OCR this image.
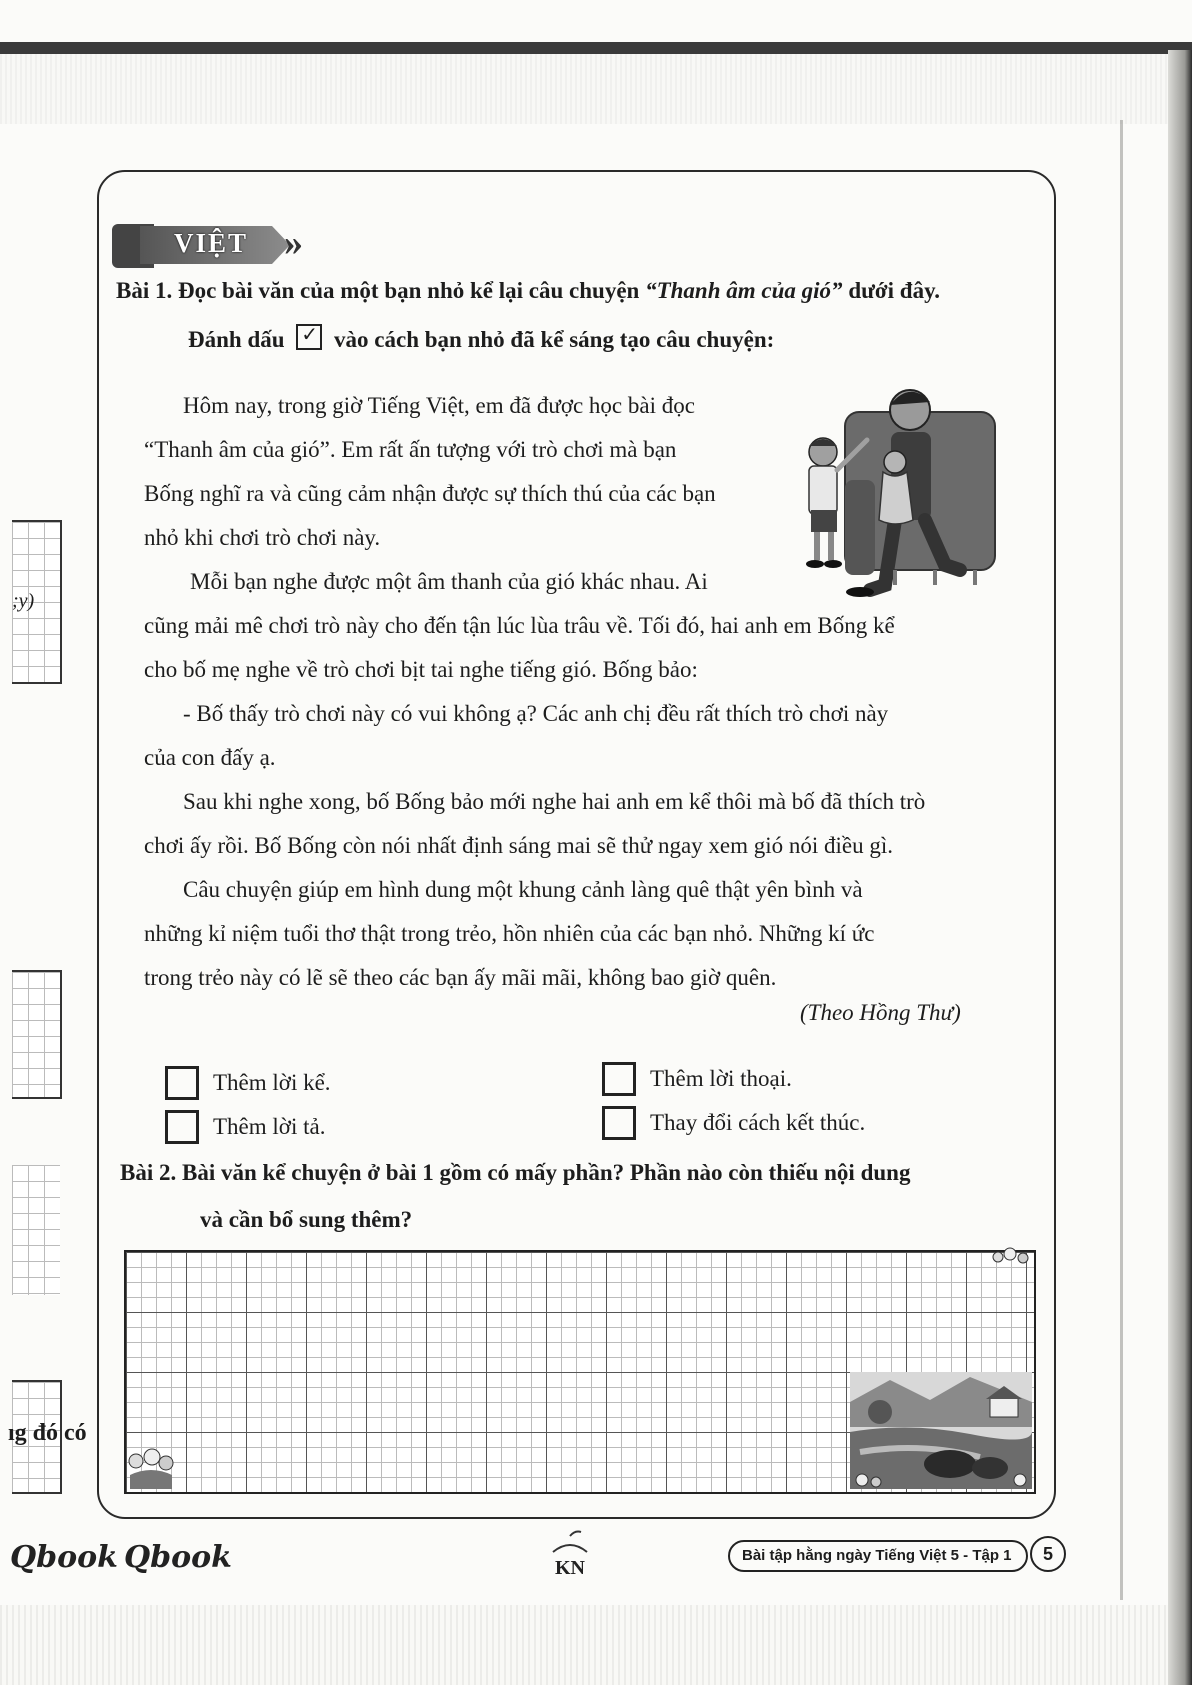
;y)
ıg đó có
VIỆT »
Bài 1. Đọc bài văn của một bạn nhỏ kể lại câu chuyện “Thanh âm của gió” dưới đây.
Đánh dấu ✓ vào cách bạn nhỏ đã kể sáng tạo câu chuyện:
Hôm nay, trong giờ Tiếng Việt, em đã được học bài đọc
“Thanh âm của gió”. Em rất ấn tượng với trò chơi mà bạn
Bống nghĩ ra và cũng cảm nhận được sự thích thú của các bạn
nhỏ khi chơi trò chơi này.
Mỗi bạn nghe được một âm thanh của gió khác nhau. Ai
cũng mải mê chơi trò này cho đến tận lúc lùa trâu về. Tối đó, hai anh em Bống kể
cho bố mẹ nghe về trò chơi bịt tai nghe tiếng gió. Bống bảo:
- Bố thấy trò chơi này có vui không ạ? Các anh chị đều rất thích trò chơi này
của con đấy ạ.
Sau khi nghe xong, bố Bống bảo mới nghe hai anh em kể thôi mà bố đã thích trò
chơi ấy rồi. Bố Bống còn nói nhất định sáng mai sẽ thử ngay xem gió nói điều gì.
Câu chuyện giúp em hình dung một khung cảnh làng quê thật yên bình và
những kỉ niệm tuổi thơ thật trong trẻo, hồn nhiên của các bạn nhỏ. Những kí ức
trong trẻo này có lẽ sẽ theo các bạn ấy mãi mãi, không bao giờ quên.
(Theo Hồng Thư)
Thêm lời kể.	Thêm lời thoại.
Thêm lời tả.	Thay đổi cách kết thúc.
Bài 2. Bài văn kể chuyện ở bài 1 gồm có mấy phần? Phần nào còn thiếu nội dung
và cần bổ sung thêm?
Qbook Qbook	KN
Bài tập hằng ngày Tiếng Việt 5 - Tập 1	5
